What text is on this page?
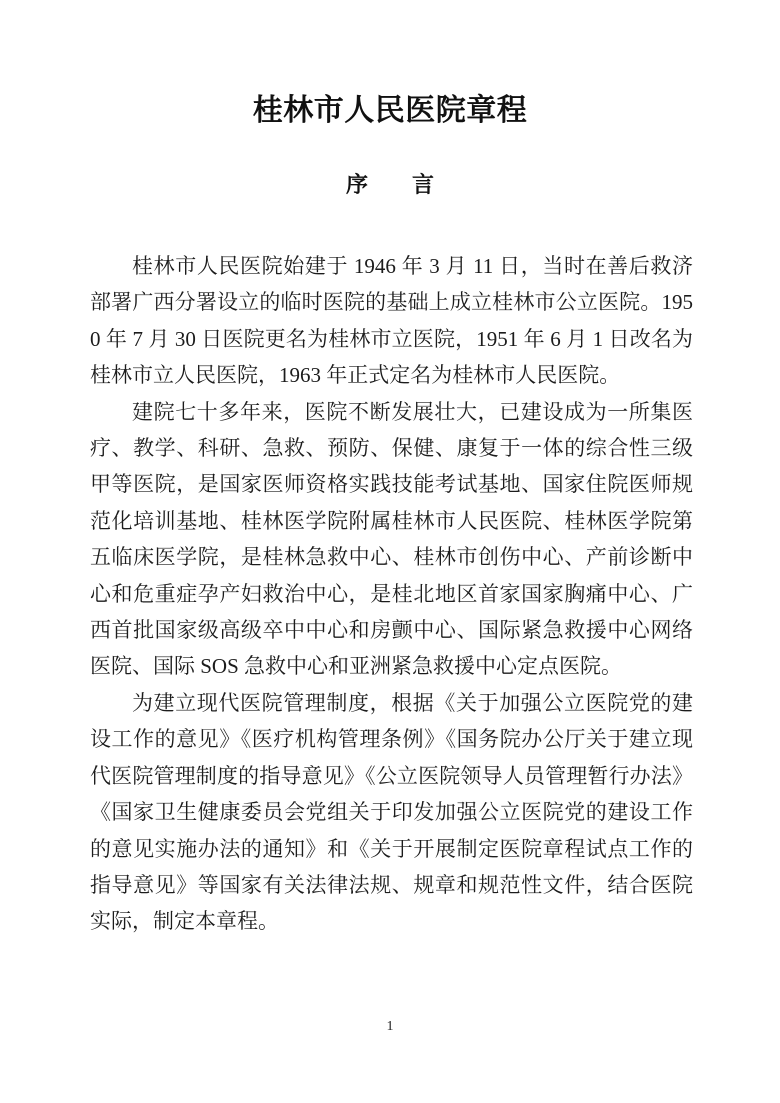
桂林市人民医院章程
序　　言

桂林市人民医院始建于 1946 年 3 月 11 日，当时在善后救济部署广西分署设立的临时医院的基础上成立桂林市公立医院。1950 年 7 月 30 日医院更名为桂林市立医院，1951 年 6 月 1 日改名为桂林市立人民医院，1963 年正式定名为桂林市人民医院。

建院七十多年来，医院不断发展壮大，已建设成为一所集医疗、教学、科研、急救、预防、保健、康复于一体的综合性三级甲等医院，是国家医师资格实践技能考试基地、国家住院医师规范化培训基地、桂林医学院附属桂林市人民医院、桂林医学院第五临床医学院，是桂林急救中心、桂林市创伤中心、产前诊断中心和危重症孕产妇救治中心，是桂北地区首家国家胸痛中心、广西首批国家级高级卒中中心和房颤中心、国际紧急救援中心网络医院、国际 SOS 急救中心和亚洲紧急救援中心定点医院。

为建立现代医院管理制度，根据《关于加强公立医院党的建设工作的意见》《医疗机构管理条例》《国务院办公厅关于建立现代医院管理制度的指导意见》《公立医院领导人员管理暂行办法》《国家卫生健康委员会党组关于印发加强公立医院党的建设工作的意见实施办法的通知》和《关于开展制定医院章程试点工作的指导意见》等国家有关法律法规、规章和规范性文件，结合医院实际，制定本章程。

1
